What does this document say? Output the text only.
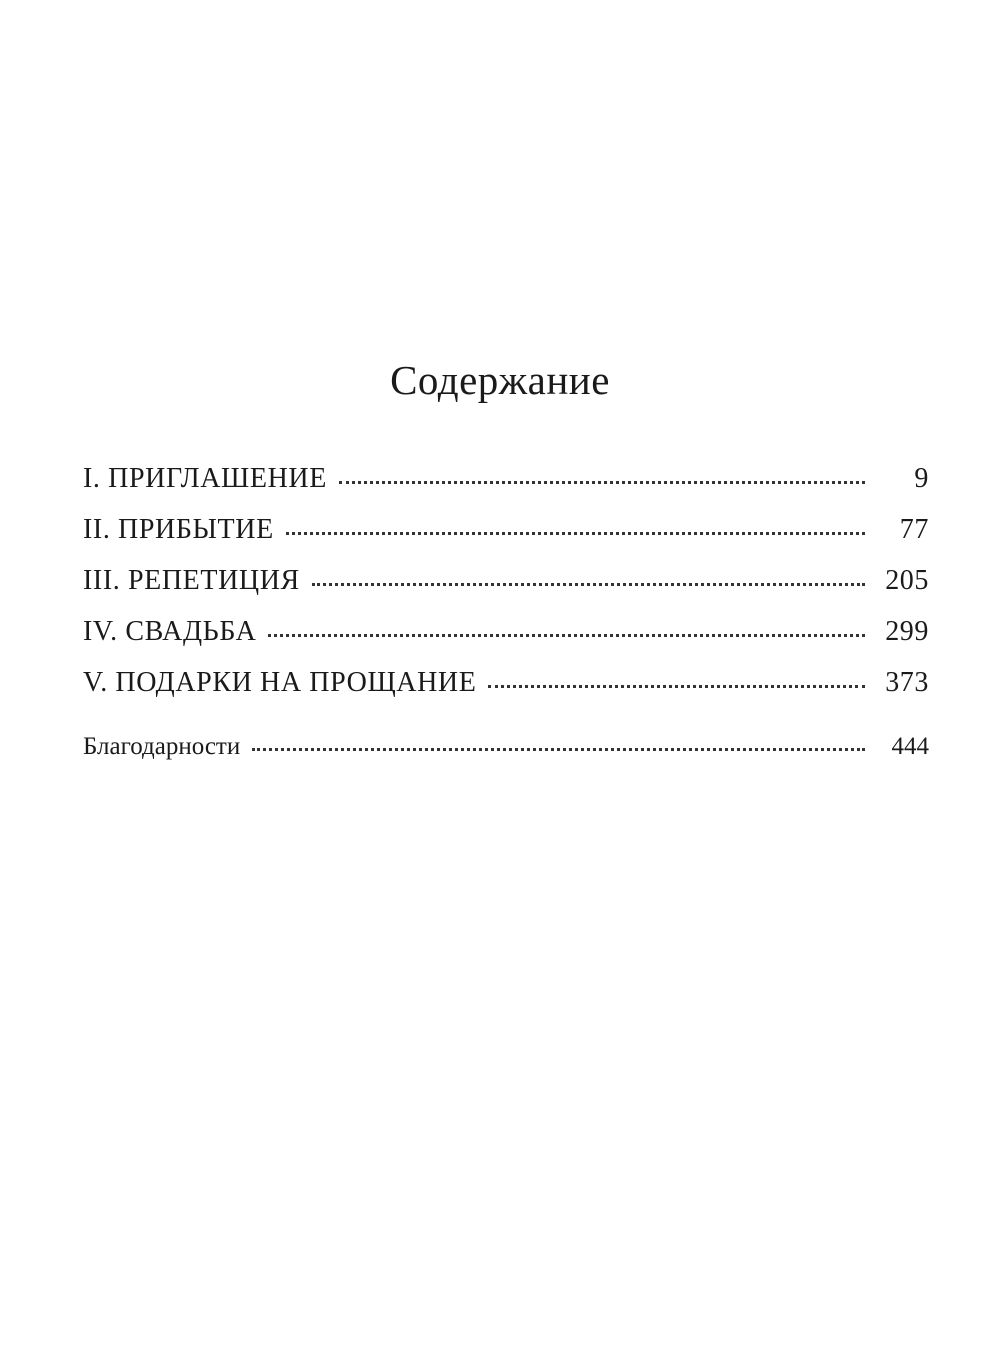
Содержание
I. ПРИГЛАШЕНИЕ	9
II. ПРИБЫТИЕ	77
III. РЕПЕТИЦИЯ	205
IV. СВАДЬБА	299
V. ПОДАРКИ НА ПРОЩАНИЕ	373
Благодарности	444
